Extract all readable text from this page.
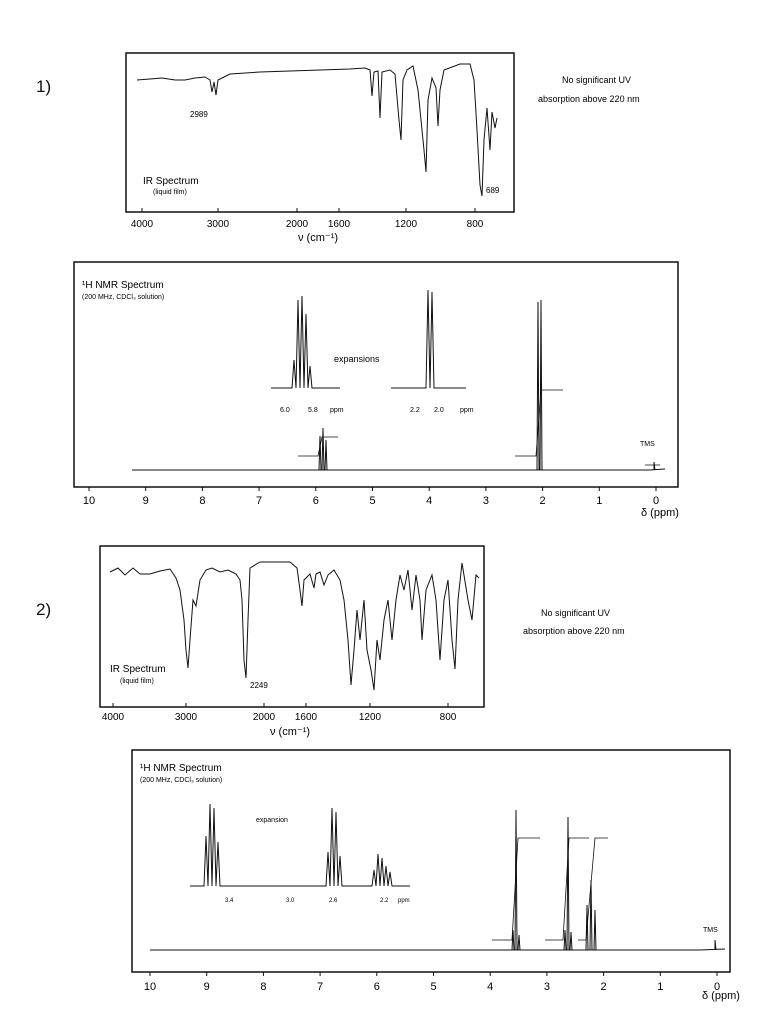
1)
2)
2989
689
IR Spectrum
(liquid film)
4000	3000	2000 1600	1200	800
ν (cm⁻¹)
No significant UV
absorption above 220 nm
¹H NMR Spectrum
(200 MHz, CDCl₃ solution)
TMS
expansions
6.0	5.8 ppm	2.2 2.0 ppm
10	9	8	7	6	5	4	3	2	1	0
δ (ppm)
2249
IR Spectrum
(liquid film)
4000	3000	2000 1600	1200	800
ν (cm⁻¹)
No significant UV
absorption above 220 nm
¹H NMR Spectrum
(200 MHz, CDCl₃ solution)
TMS
expansion
3.4	3.0	2.6	2.2 ppm
10	9	8	7	6	5	4	3	2	1	0
δ (ppm)
